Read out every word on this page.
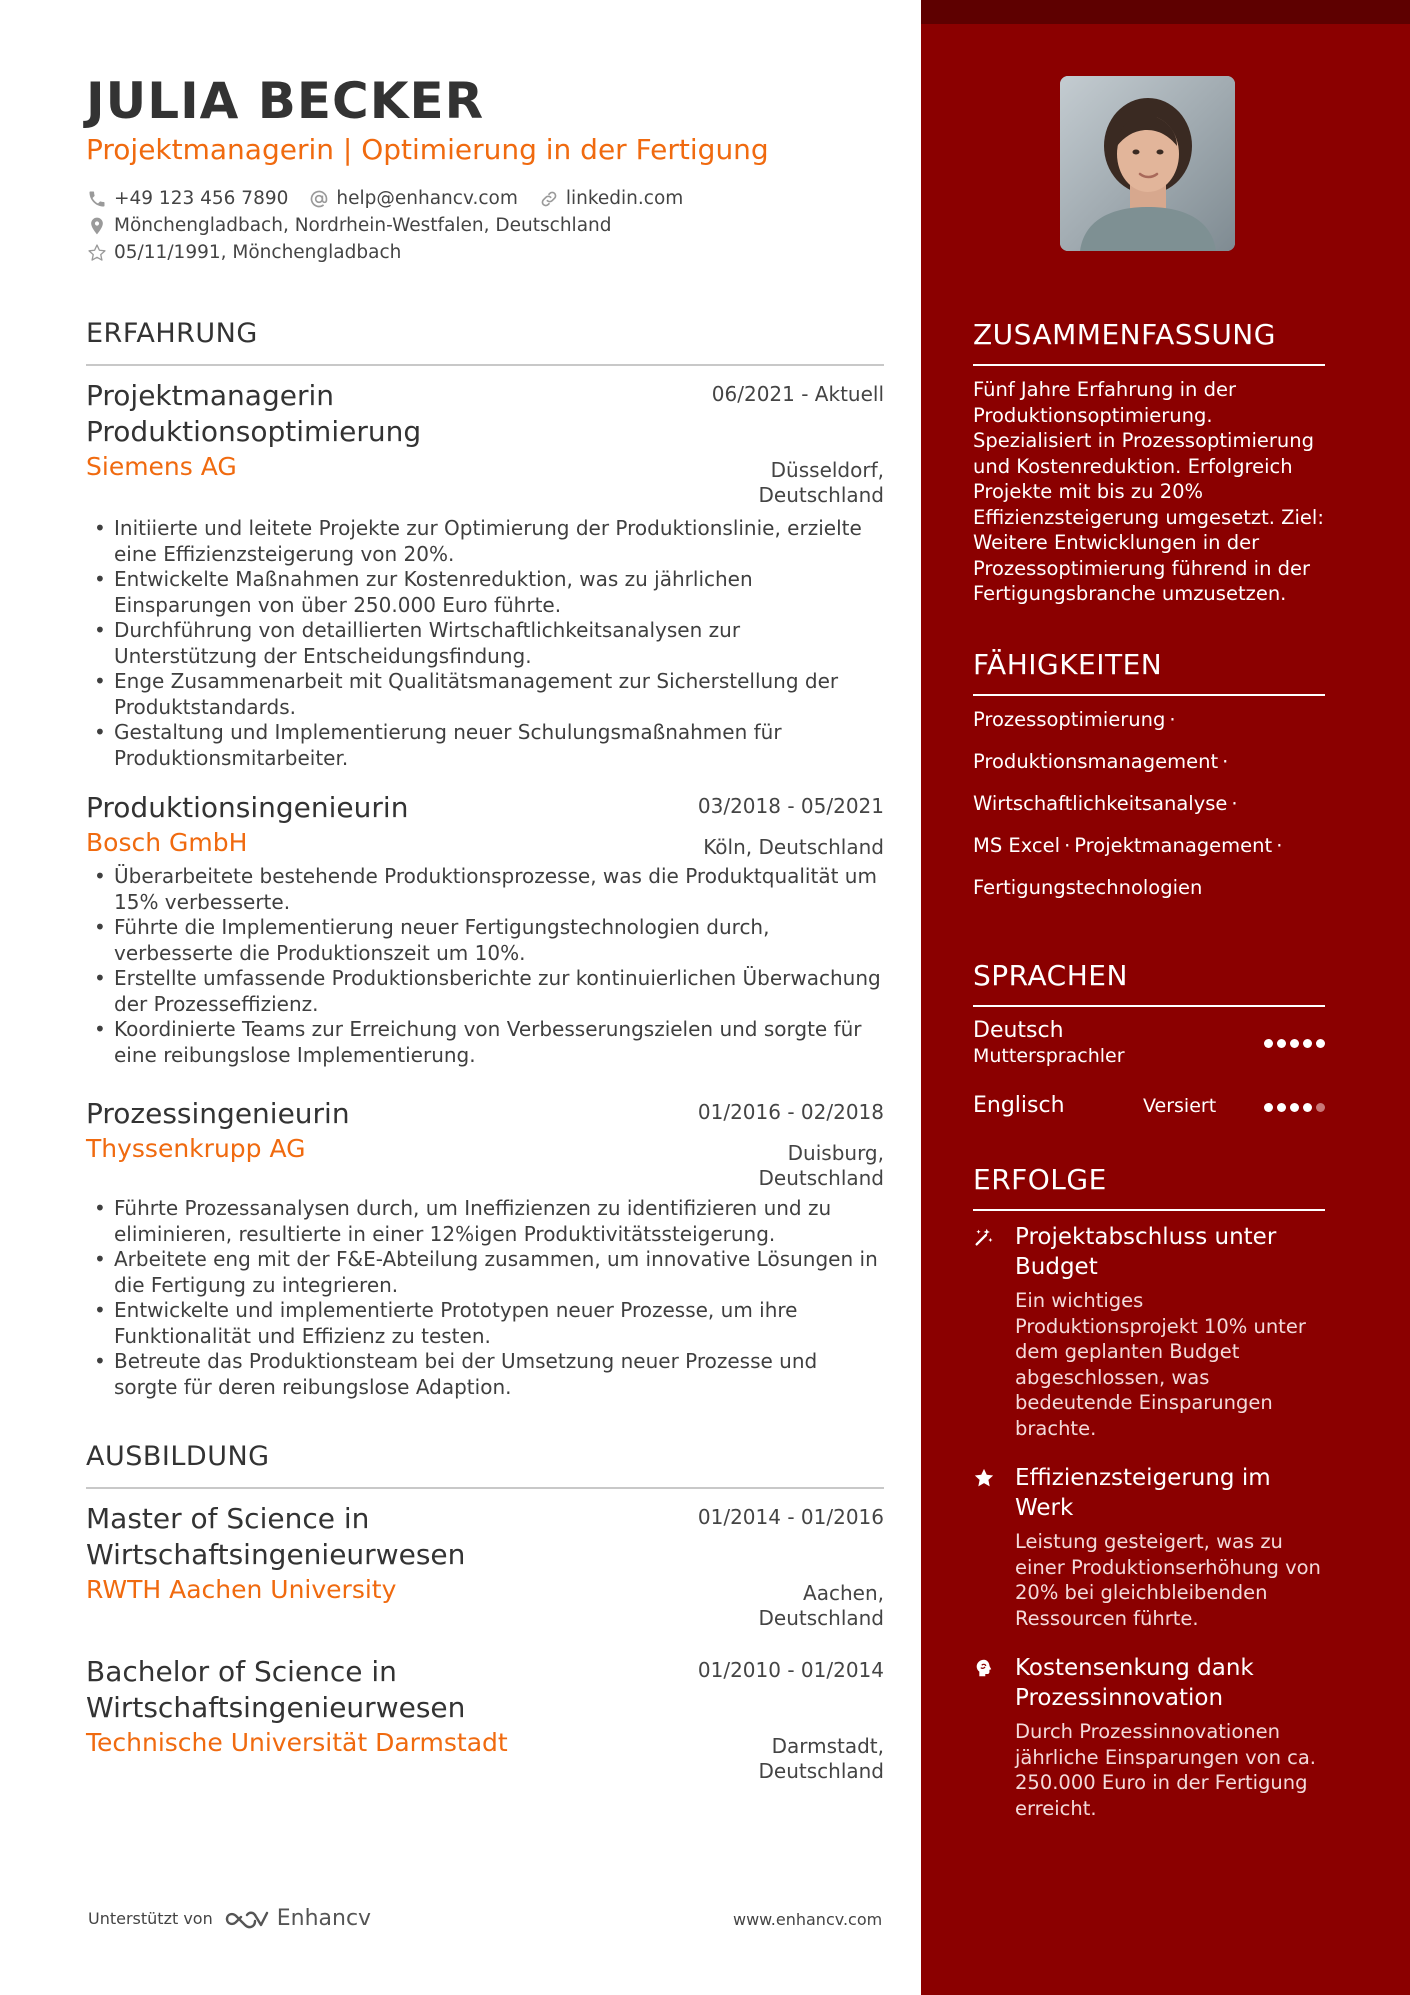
JULIA BECKER
Projektmanagerin | Optimierung in der Fertigung
+49 123 456 7890	help@enhancv.com	linkedin.com
Mönchengladbach, Nordrhein-Westfalen, Deutschland
05/11/1991, Mönchengladbach
ERFAHRUNG
Projektmanagerin Produktionsoptimierung
06/2021 - Aktuell
Siemens AG	Düsseldorf, Deutschland
• Initiierte und leitete Projekte zur Optimierung der Produktionslinie, erzielte eine Effizienzsteigerung von 20%.
• Entwickelte Maßnahmen zur Kostenreduktion, was zu jährlichen Einsparungen von über 250.000 Euro führte.
• Durchführung von detaillierten Wirtschaftlichkeitsanalysen zur Unterstützung der Entscheidungsfindung.
• Enge Zusammenarbeit mit Qualitätsmanagement zur Sicherstellung der Produktstandards.
• Gestaltung und Implementierung neuer Schulungsmaßnahmen für Produktionsmitarbeiter.
Produktionsingenieurin	03/2018 - 05/2021
Bosch GmbH	Köln, Deutschland
• Überarbeitete bestehende Produktionsprozesse, was die Produktqualität um 15% verbesserte.
• Führte die Implementierung neuer Fertigungstechnologien durch, verbesserte die Produktionszeit um 10%.
• Erstellte umfassende Produktionsberichte zur kontinuierlichen Überwachung der Prozesseffizienz.
• Koordinierte Teams zur Erreichung von Verbesserungszielen und sorgte für eine reibungslose Implementierung.
Prozessingenieurin	01/2016 - 02/2018
Thyssenkrupp AG	Duisburg, Deutschland
• Führte Prozessanalysen durch, um Ineffizienzen zu identifizieren und zu eliminieren, resultierte in einer 12%igen Produktivitätssteigerung.
• Arbeitete eng mit der F&E-Abteilung zusammen, um innovative Lösungen in die Fertigung zu integrieren.
• Entwickelte und implementierte Prototypen neuer Prozesse, um ihre Funktionalität und Effizienz zu testen.
• Betreute das Produktionsteam bei der Umsetzung neuer Prozesse und sorgte für deren reibungslose Adaption.
AUSBILDUNG
Master of Science in Wirtschaftsingenieurwesen
01/2014 - 01/2016
RWTH Aachen University	Aachen, Deutschland
Bachelor of Science in Wirtschaftsingenieurwesen
01/2010 - 01/2014
Technische Universität Darmstadt	Darmstadt, Deutschland
Unterstützt von	Enhancv	www.enhancv.com
ZUSAMMENFASSUNG
Fünf Jahre Erfahrung in der Produktionsoptimierung. Spezialisiert in Prozessoptimierung und Kostenreduktion. Erfolgreich Projekte mit bis zu 20% Effizienzsteigerung umgesetzt. Ziel: Weitere Entwicklungen in der Prozessoptimierung führend in der Fertigungsbranche umzusetzen.
FÄHIGKEITEN
Prozessoptimierung ·
Produktionsmanagement ·
Wirtschaftlichkeitsanalyse ·
MS Excel · Projektmanagement ·
Fertigungstechnologien
SPRACHEN
Deutsch
Muttersprachler
Englisch	Versiert
ERFOLGE
Projektabschluss unter Budget
Ein wichtiges Produktionsprojekt 10% unter dem geplanten Budget abgeschlossen, was bedeutende Einsparungen brachte.
Effizienzsteigerung im Werk
Leistung gesteigert, was zu einer Produktionserhöhung von 20% bei gleichbleibenden Ressourcen führte.
Kostensenkung dank Prozessinnovation
Durch Prozessinnovationen jährliche Einsparungen von ca. 250.000 Euro in der Fertigung erreicht.
